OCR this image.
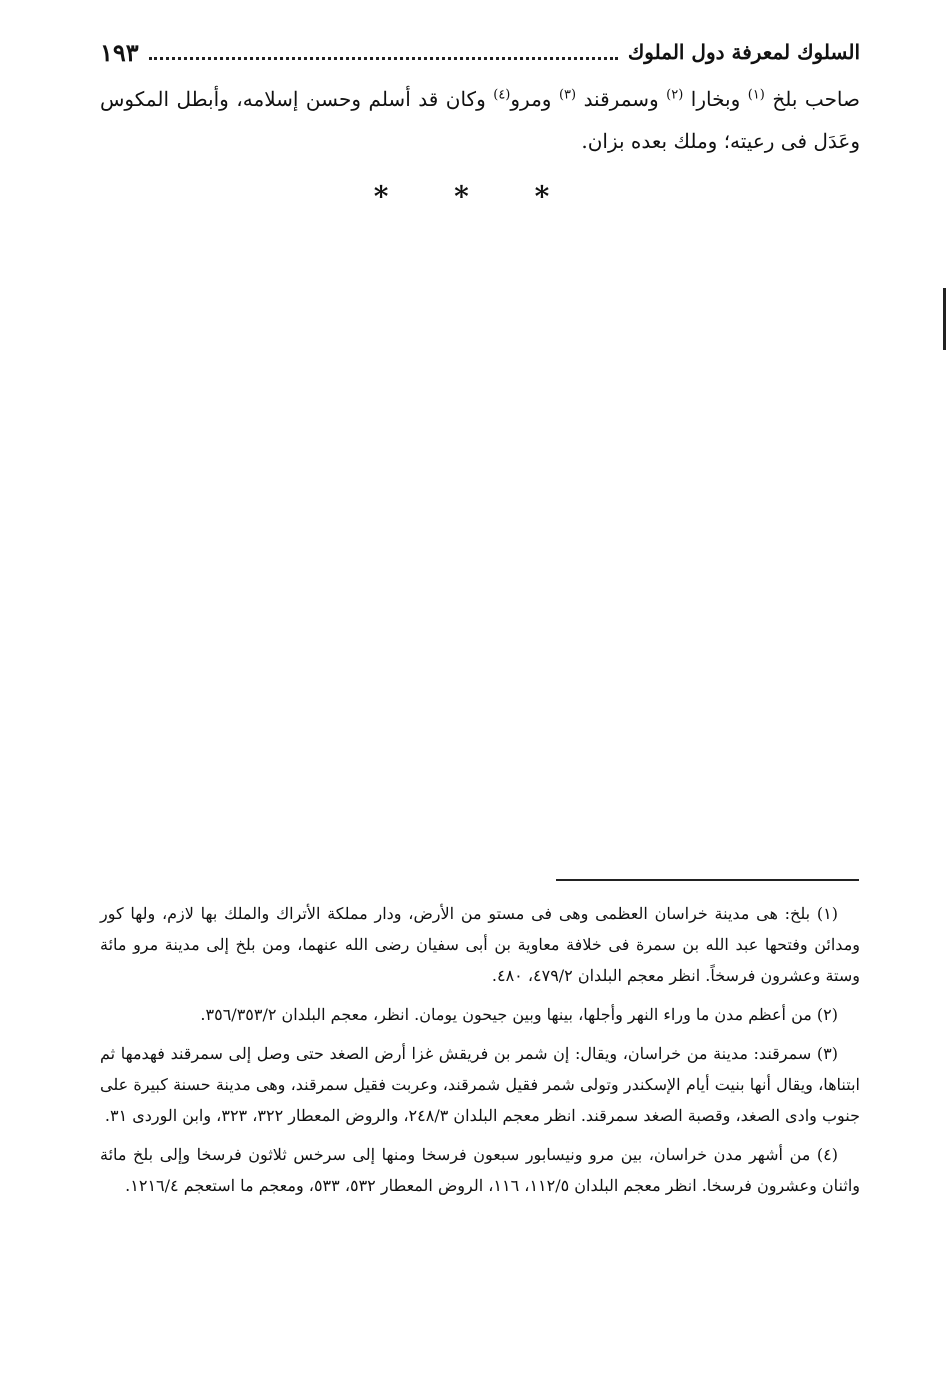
السلوك لمعرفة دول الملوك
١٩٣
صاحب بلخ $^{(١)}$ وبخارا $^{(٢)}$ وسمرقند $^{(٣)}$ ومرو$^{(٤)}$ وكان قد أسلم وحسن إسلامه، وأبطل المكوس وعَدَل فى رعيته؛ وملك بعده بزان.
* * *

(١) بلخ: هى مدينة خراسان العظمى وهى فى مستو من الأرض، ودار مملكة الأتراك والملك بها لازم، ولها كور ومدائن وفتحها عبد الله بن سمرة فى خلافة معاوية بن أبى سفيان رضى الله عنهما، ومن بلخ إلى مدينة مرو مائة وستة وعشرون فرسخاً. انظر معجم البلدان ٤٧٩/٢، ٤٨٠.

(٢) من أعظم مدن ما وراء النهر وأجلها، بينها وبين جيحون يومان. انظر، معجم البلدان ٣٥٦/٣٥٣/٢.

(٣) سمرقند: مدينة من خراسان، ويقال: إن شمر بن فريقش غزا أرض الصغد حتى وصل إلى سمرقند فهدمها ثم ابتناها، ويقال أنها بنيت أيام الإسكندر وتولى شمر فقيل شمرقند، وعربت فقيل سمرقند، وهى مدينة حسنة كبيرة على جنوب وادى الصغد، وقصبة الصغد سمرقند. انظر معجم البلدان ٢٤٨/٣، والروض المعطار ٣٢٢، ٣٢٣، وابن الوردى ٣١.

(٤) من أشهر مدن خراسان، بين مرو ونيسابور سبعون فرسخا ومنها إلى سرخس ثلاثون فرسخا وإلى بلخ مائة واثنان وعشرون فرسخا. انظر معجم البلدان ١١٢/٥، ١١٦، الروض المعطار ٥٣٢، ٥٣٣، ومعجم ما استعجم ١٢١٦/٤.
